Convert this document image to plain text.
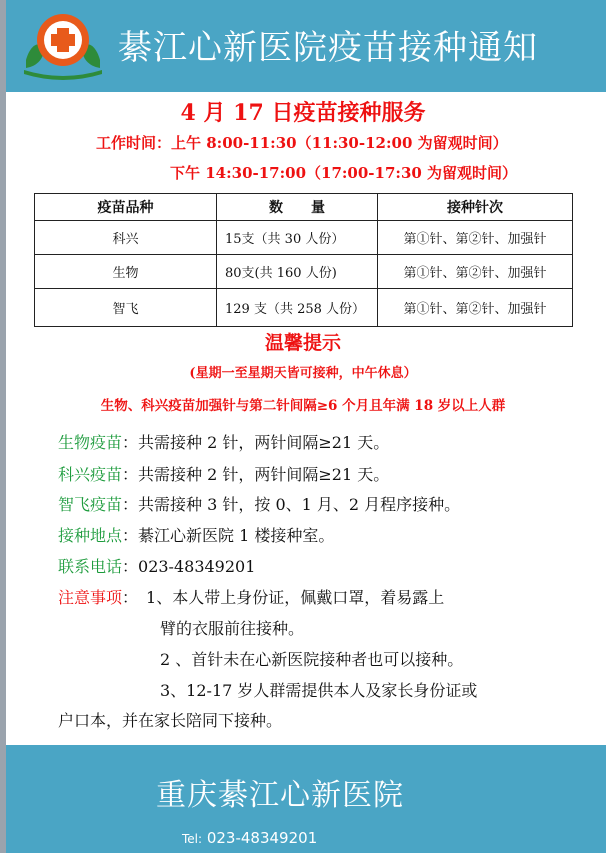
綦江心新医院疫苗接种通知
4 月 17 日疫苗接种服务
工作时间：上午 8:00-11:30（11:30-12:00 为留观时间）
下午 14:30-17:00（17:00-17:30 为留观时间）
疫苗品种	数　　量	接种针次
科兴	15支（共 30 人份）	第①针、第②针、加强针
生物	80支(共 160 人份)	第①针、第②针、加强针
智飞	129 支（共 258 人份）	第①针、第②针、加强针
温馨提示
(星期一至星期天皆可接种，中午休息）
生物、科兴疫苗加强针与第二针间隔≥6 个月且年满 18 岁以上人群
生物疫苗：共需接种 2 针，两针间隔≥21 天。
科兴疫苗：共需接种 2 针，两针间隔≥21 天。
智飞疫苗：共需接种 3 针，按 0、1 月、2 月程序接种。
接种地点：綦江心新医院 1 楼接种室。
联系电话：023-48349201
注意事项：　1、本人带上身份证，佩戴口罩，着易露上
臂的衣服前往接种。
2 、首针未在心新医院接种者也可以接种。
3、12-17 岁人群需提供本人及家长身份证或
户口本，并在家长陪同下接种。
重庆綦江心新医院
Tel: 023-48349201
